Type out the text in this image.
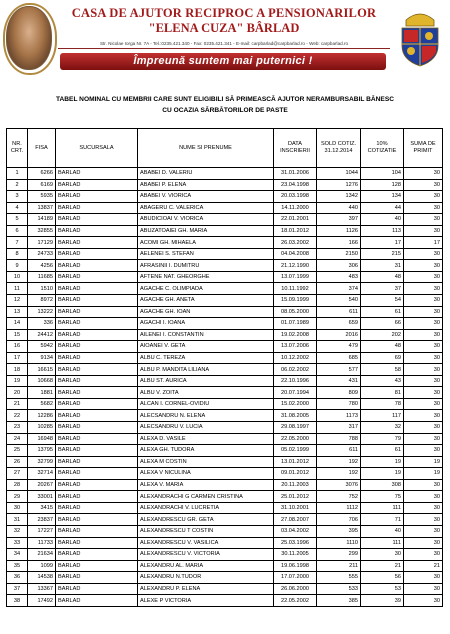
CASA DE AJUTOR RECIPROC A PENSIONARILOR
"ELENA CUZA" BÂRLAD
Str. Nicolae Iorga Nr. 7A - Tel.:0235.421.340 - Fax: 0235.421.341 - E-mail: carpbarlad@carpbarlad.ro - Web: carpbarlad.ro
Împreună suntem mai puternici !
TABEL NOMINAL CU MEMBRII CARE SUNT ELIGIBILI SĂ PRIMEASCĂ AJUTOR NERAMBURSABIL BĂNESC
CU OCAZIA SĂRBĂTORILOR DE PASTE
NR. CRT.	FISA	SUCURSALA	NUME SI PRENUME	DATA INSCRIERII	SOLD COTIZ. 31.12.2014	10% COTIZATIE	SUMA DE PRIMIT
1	6266	BARLAD	ABABEI D. VALERIU	31.01.2006	1044	104	30
2	6169	BARLAD	ABABEI P. ELENA	23.04.1998	1276	128	30
3	5935	BARLAD	ABABEI V. VIORICA	20.03.1998	1342	134	30
4	13837	BARLAD	ABAGERU C. VALERICA	14.11.2000	440	44	30
5	14189	BARLAD	ABUDICIOAI V. VIORICA	22.01.2001	397	40	30
6	32855	BARLAD	ABUZATOAIEI GH. MARIA	18.01.2012	1126	113	30
7	17129	BARLAD	ACOMI GH. MIHAELA	26.03.2002	166	17	17
8	24733	BARLAD	AELENEI S. STEFAN	04.04.2008	2150	215	30
9	4256	BARLAD	AFRASINII I. DUMITRU	21.12.1990	306	31	30
10	11685	BARLAD	AFTENE NAT. GHEORGHE	13.07.1999	483	48	30
11	1510	BARLAD	AGACHE C. OLIMPIADA	10.11.1992	374	37	30
12	8972	BARLAD	AGACHE GH. ANETA	15.09.1999	540	54	30
13	13222	BARLAD	AGACHE GH. IOAN	08.05.2000	611	61	30
14	336	BARLAD	AGACHI I. IOANA	01.07.1989	659	66	30
15	24412	BARLAD	AILENEI I. CONSTANTIN	19.02.2008	2016	202	30
16	5942	BARLAD	AIOANEI V. GETA	13.07.2006	479	48	30
17	9134	BARLAD	ALBU C. TEREZA	10.12.2002	685	69	30
18	16615	BARLAD	ALBU P. MANDITA LILIANA	06.02.2002	577	58	30
19	10668	BARLAD	ALBU ST. AURICA	22.10.1996	431	43	30
20	1881	BARLAD	ALBU V. ZOITA	20.07.1994	809	81	30
21	5682	BARLAD	ALCAN I. CORNEL-OVIDIU	15.02.2000	780	78	30
22	12286	BARLAD	ALECSANDRU N. ELENA	31.08.2005	1173	117	30
23	10285	BARLAD	ALECSANDRU V. LUCIA	29.08.1997	317	32	30
24	16948	BARLAD	ALEXA D. VASILE	22.05.2000	788	79	30
25	13795	BARLAD	ALEXA GH. TUDORA	05.02.1999	611	61	30
26	32799	BARLAD	ALEXA M COSTIN	13.01.2012	192	19	19
27	32714	BARLAD	ALEXA V NICULINA	09.01.2012	192	19	19
28	20267	BARLAD	ALEXA V. MARIA	20.11.2003	3076	308	30
29	33001	BARLAD	ALEXANDRACHI G CARMEN CRISTINA	25.01.2012	752	75	30
30	3415	BARLAD	ALEXANDRACHI V. LUCRETIA	31.10.2001	1112	111	30
31	23837	BARLAD	ALEXANDRESCU GR. GETA	27.08.2007	706	71	30
32	17227	BARLAD	ALEXANDRESCU T COSTIN	03.04.2002	395	40	30
33	11733	BARLAD	ALEXANDRESCU V. VASILICA	25.03.1996	1110	111	30
34	21634	BARLAD	ALEXANDRESCU V. VICTORIA	30.11.2005	299	30	30
35	1099	BARLAD	ALEXANDRU AL. MARIA	19.06.1998	211	21	21
36	14538	BARLAD	ALEXANDRU N.TUDOR	17.07.2000	555	56	30
37	13367	BARLAD	ALEXANDRU P. ELENA	26.06.2000	533	53	30
38	17492	BARLAD	ALEXE P VICTORIA	22.05.2002	385	39	30
